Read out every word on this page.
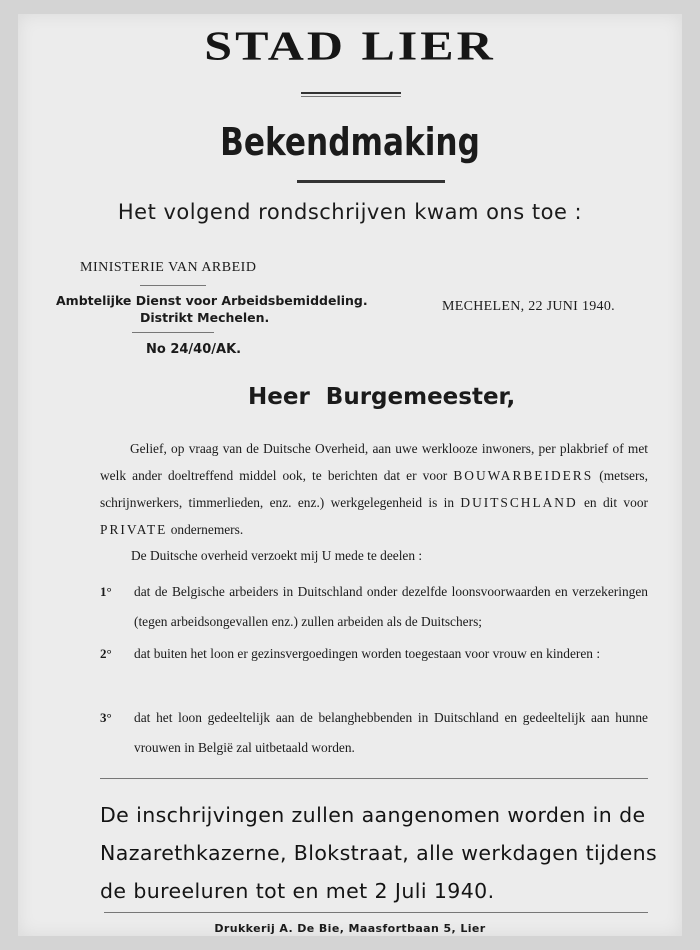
STAD LIER
Bekendmaking
Het volgend rondschrijven kwam ons toe :
MINISTERIE VAN ARBEID
Ambtelijke Dienst voor Arbeidsbemiddeling.
Distrikt Mechelen.
No 24/40/AK.
MECHELEN, 22 JUNI 1940.
Heer Burgemeester,

Gelief, op vraag van de Duitsche Overheid, aan uwe werklooze inwoners, per plakbrief of met welk ander doeltreffend middel ook, te berichten dat er voor BOUWARBEIDERS (metsers, schrijnwerkers, timmerlieden, enz. enz.) werkgelegenheid is in DUITSCHLAND en dit voor PRIVATE ondernemers.

De Duitsche overheid verzoekt mij U mede te deelen :

1° dat de Belgische arbeiders in Duitschland onder dezelfde loonsvoorwaarden en verzekeringen (tegen arbeidsongevallen enz.) zullen arbeiden als de Duitschers;

2° dat buiten het loon er gezinsvergoedingen worden toegestaan voor vrouw en kinderen :

3° dat het loon gedeeltelijk aan de belanghebbenden in Duitschland en gedeeltelijk aan hunne vrouwen in België zal uitbetaald worden.

De inschrijvingen zullen aangenomen worden in de Nazarethkazerne, Blokstraat, alle werkdagen tijdens de bureeluren tot en met 2 Juli 1940.

Drukkerij A. De Bie, Maasfortbaan 5, Lier
